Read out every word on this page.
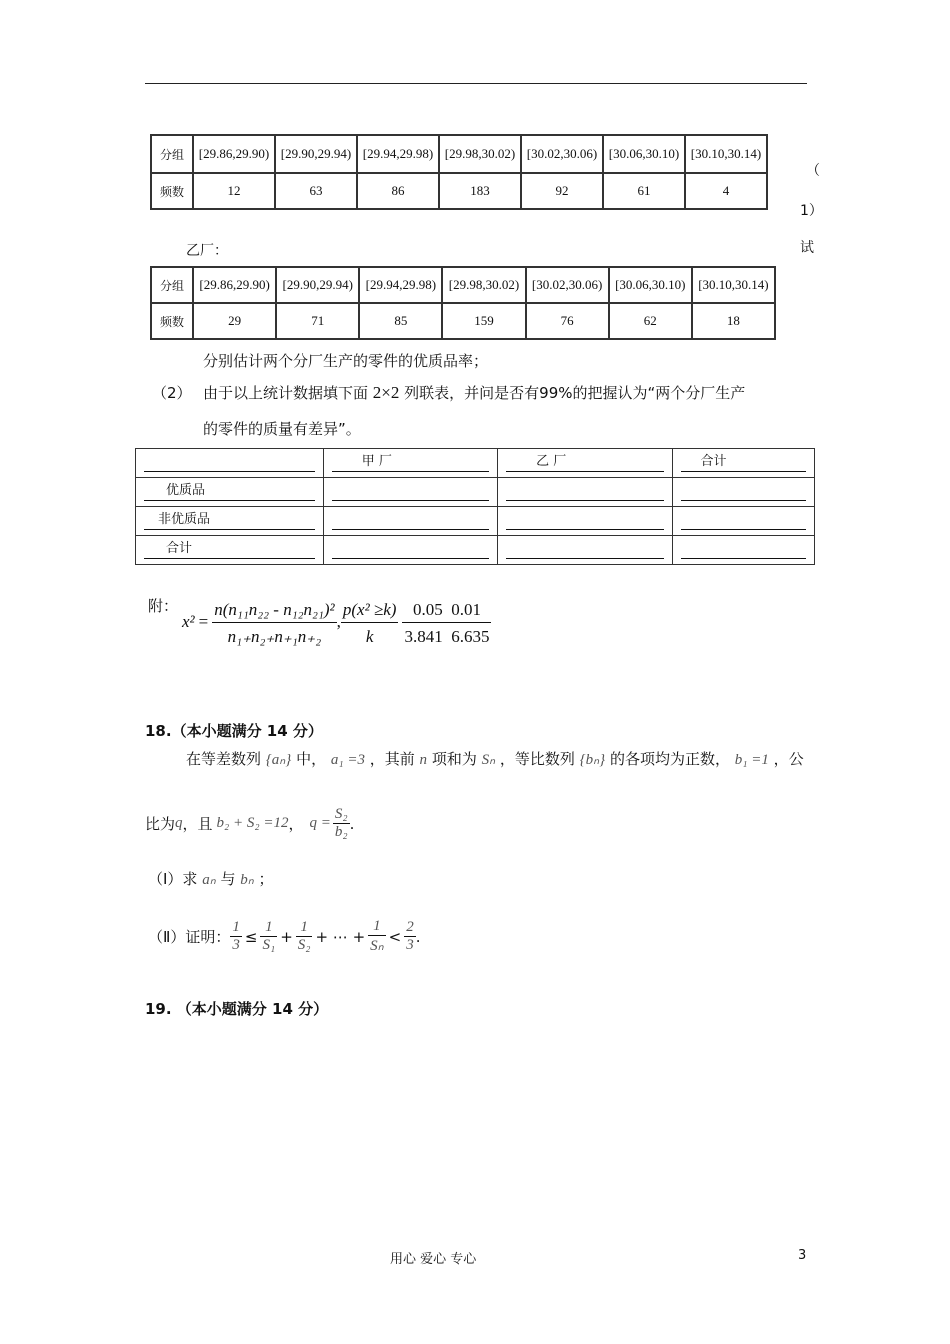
分组	[29.86,29.90)	[29.90,29.94)	[29.94,29.98)	[29.98,30.02)	[30.02,30.06)	[30.06,30.10)	[30.10,30.14)
频数	12	63	86	183	92	61	4
（
1）
试
乙厂：
分组	[29.86,29.90)	[29.90,29.94)	[29.94,29.98)	[29.98,30.02)	[30.02,30.06)	[30.06,30.10)	[30.10,30.14)
频数	29	71	85	159	76	62	18
分别估计两个分厂生产的零件的优质品率；
（2） 由于以上统计数据填下面 2×2 列联表，并问是否有99%的把握认为“两个分厂生产
的零件的质量有差异”。

	甲 厂	乙 厂	合计

优质品			

非优质品			

合计			

附：
$x^2 = \frac{\text{n(n₁₁n₂₂ - n₁₂n₂₁)²}}{\text{n₁₊n₂₊n₊₁n₊₂}}$ , $\frac{\text{p(x² ≥k)}}{k} \frac{0.05 0.01}{3.841 6.635}$
18.（本小题满分 14 分）
在等差数列 {aₙ} 中， a₁ =3 ，其前 n 项和为 Sₙ ，等比数列 {bₙ} 的各项均为正数， b₁ =1 ，公
比为 q ，且 b₂ + S₂ =12 ， $q = \frac{\text{S₂}}{\text{b₂}}$ .
（Ⅰ）求 aₙ 与 bₙ ；
（Ⅱ）证明： $\frac{1}{3} \le \frac{1}{\text{S₁}} + \frac{1}{\text{S₂}}$ + ⋯ + $\frac{1}{\text{Sₙ}} < \frac{2}{3}$ .
19. （本小题满分 14 分）
用心 爱心 专心	3
